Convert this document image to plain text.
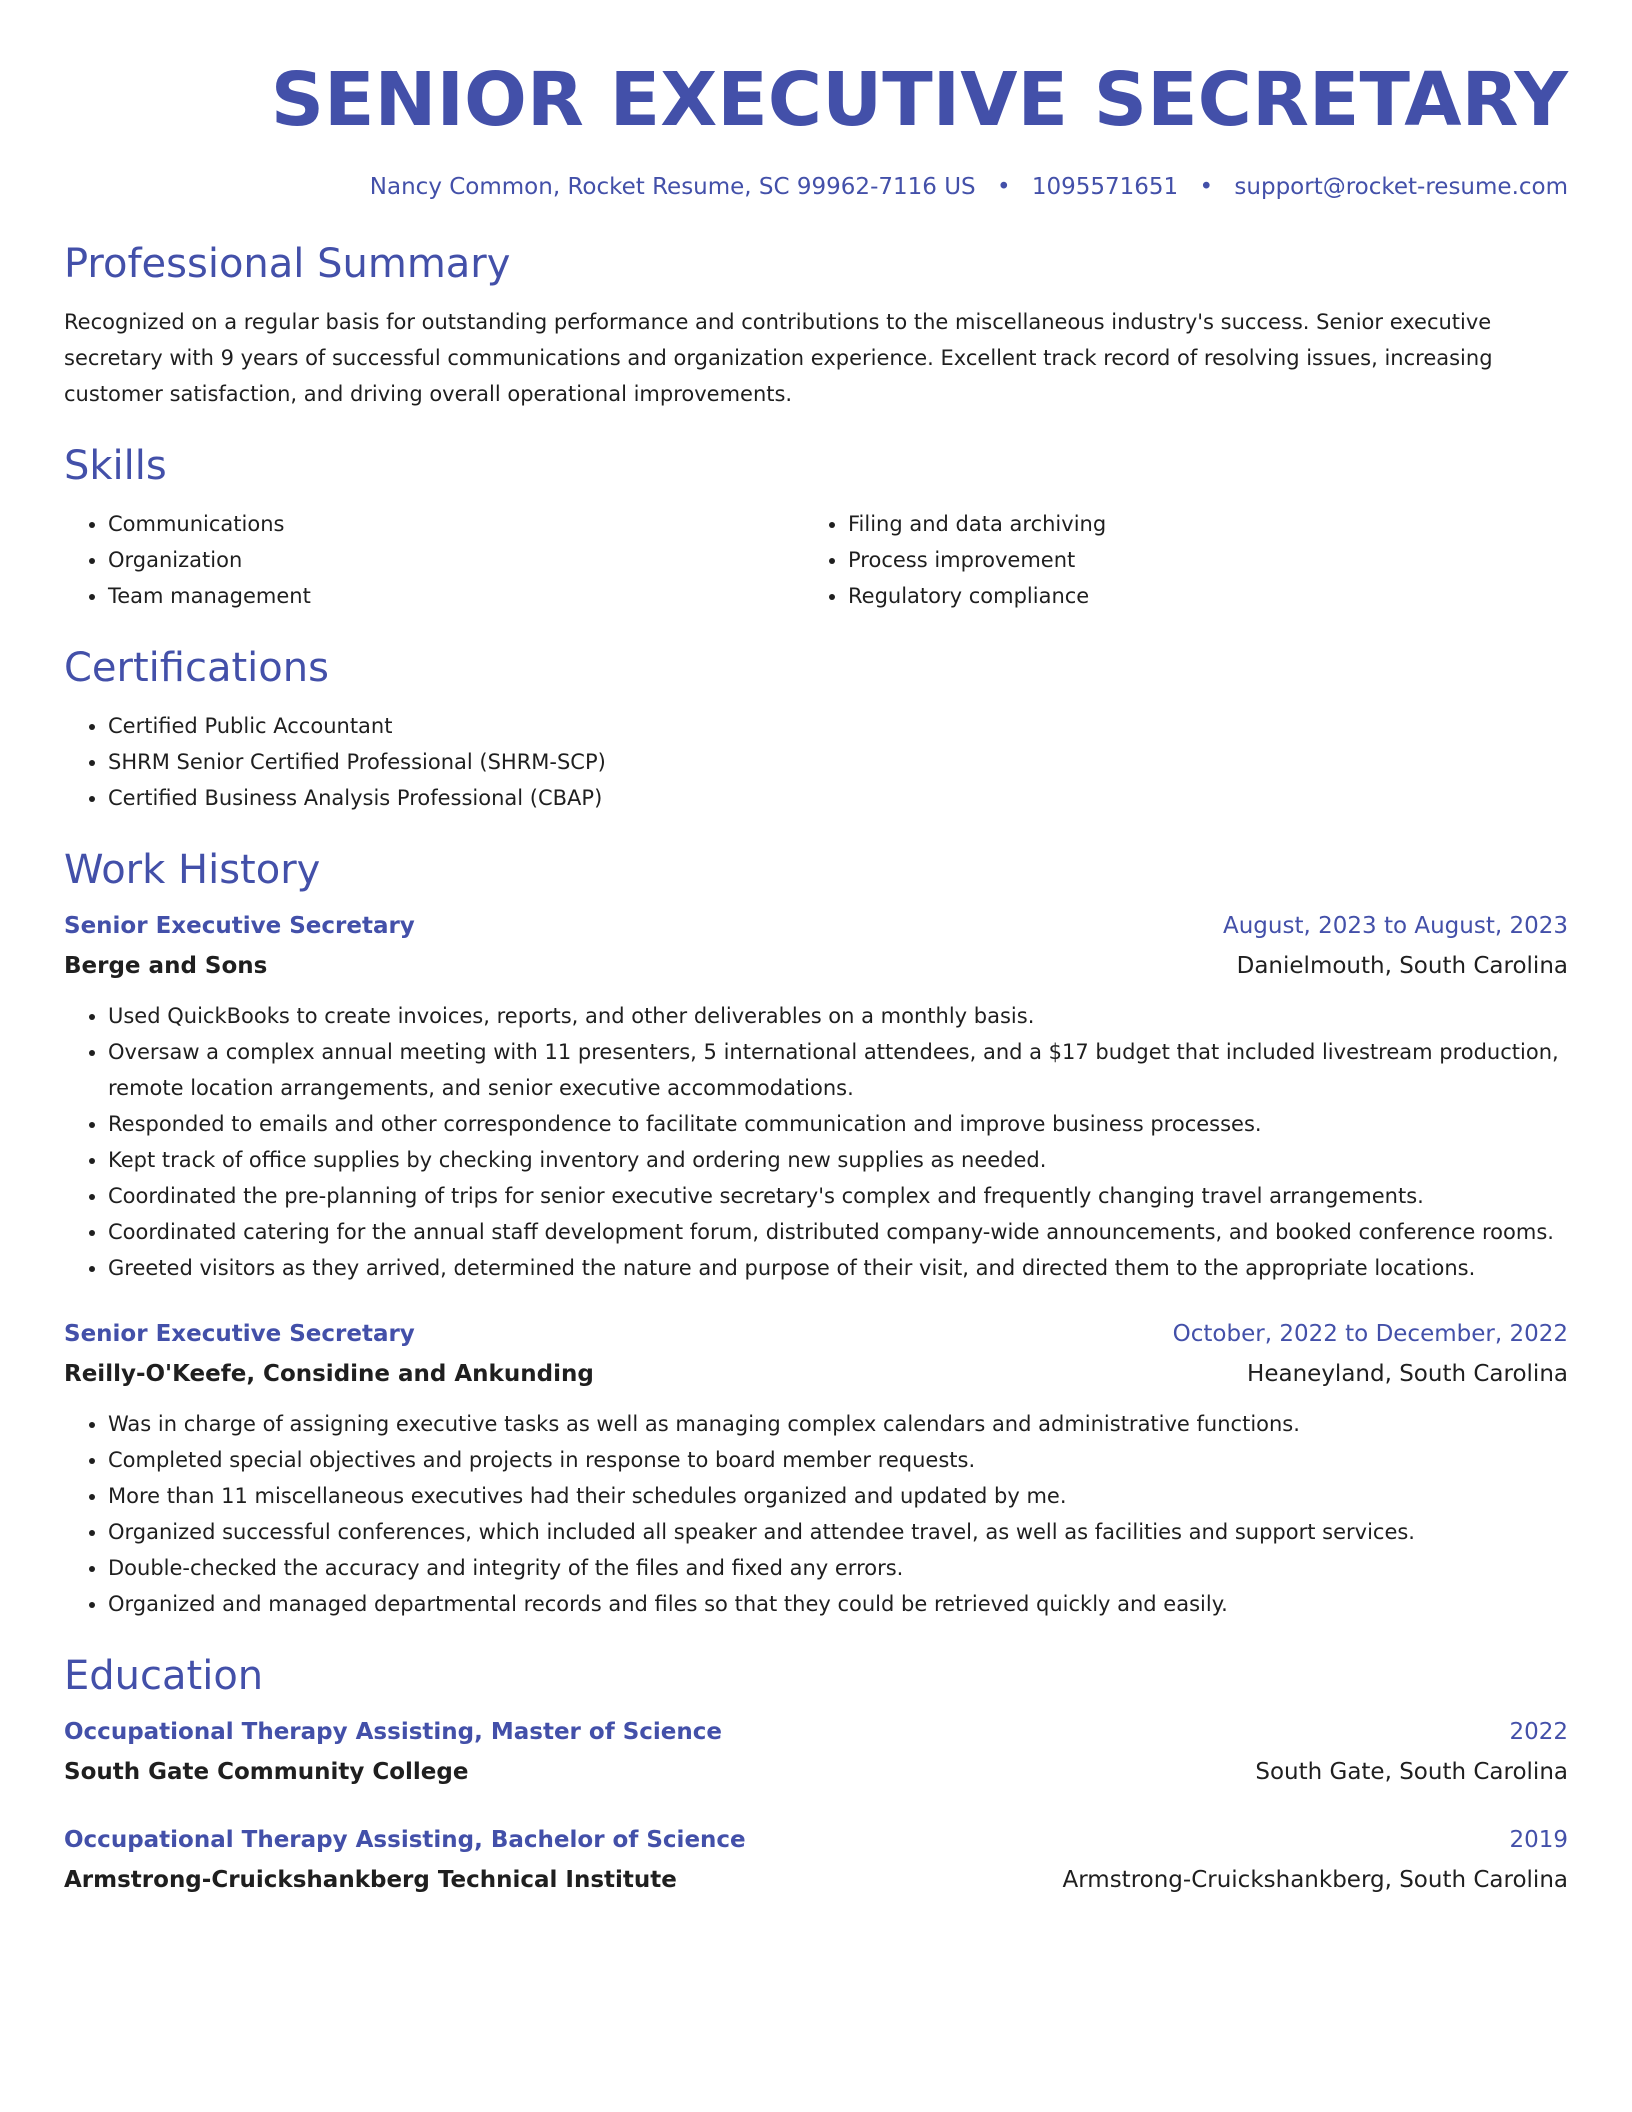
SENIOR EXECUTIVE SECRETARY
Nancy Common, Rocket Resume, SC 99962-7116 US • 1095571651 • support@rocket-resume.com
Professional Summary
Recognized on a regular basis for outstanding performance and contributions to the miscellaneous industry's success. Senior executive secretary with 9 years of successful communications and organization experience. Excellent track record of resolving issues, increasing customer satisfaction, and driving overall operational improvements.
Skills
• Communications
• Organization
• Team management
• Filing and data archiving
• Process improvement
• Regulatory compliance
Certifications
• Certified Public Accountant
• SHRM Senior Certified Professional (SHRM-SCP)
• Certified Business Analysis Professional (CBAP)
Work History
Senior Executive Secretary	August, 2023 to August, 2023
Berge and Sons	Danielmouth, South Carolina
• Used QuickBooks to create invoices, reports, and other deliverables on a monthly basis.
• Oversaw a complex annual meeting with 11 presenters, 5 international attendees, and a $17 budget that included livestream production, remote location arrangements, and senior executive accommodations.
• Responded to emails and other correspondence to facilitate communication and improve business processes.
• Kept track of office supplies by checking inventory and ordering new supplies as needed.
• Coordinated the pre-planning of trips for senior executive secretary's complex and frequently changing travel arrangements.
• Coordinated catering for the annual staff development forum, distributed company-wide announcements, and booked conference rooms.
• Greeted visitors as they arrived, determined the nature and purpose of their visit, and directed them to the appropriate locations.
Senior Executive Secretary	October, 2022 to December, 2022
Reilly-O'Keefe, Considine and Ankunding	Heaneyland, South Carolina
• Was in charge of assigning executive tasks as well as managing complex calendars and administrative functions.
• Completed special objectives and projects in response to board member requests.
• More than 11 miscellaneous executives had their schedules organized and updated by me.
• Organized successful conferences, which included all speaker and attendee travel, as well as facilities and support services.
• Double-checked the accuracy and integrity of the files and fixed any errors.
• Organized and managed departmental records and files so that they could be retrieved quickly and easily.
Education
Occupational Therapy Assisting, Master of Science	2022
South Gate Community College	South Gate, South Carolina
Occupational Therapy Assisting, Bachelor of Science	2019
Armstrong-Cruickshankberg Technical Institute	Armstrong-Cruickshankberg, South Carolina
